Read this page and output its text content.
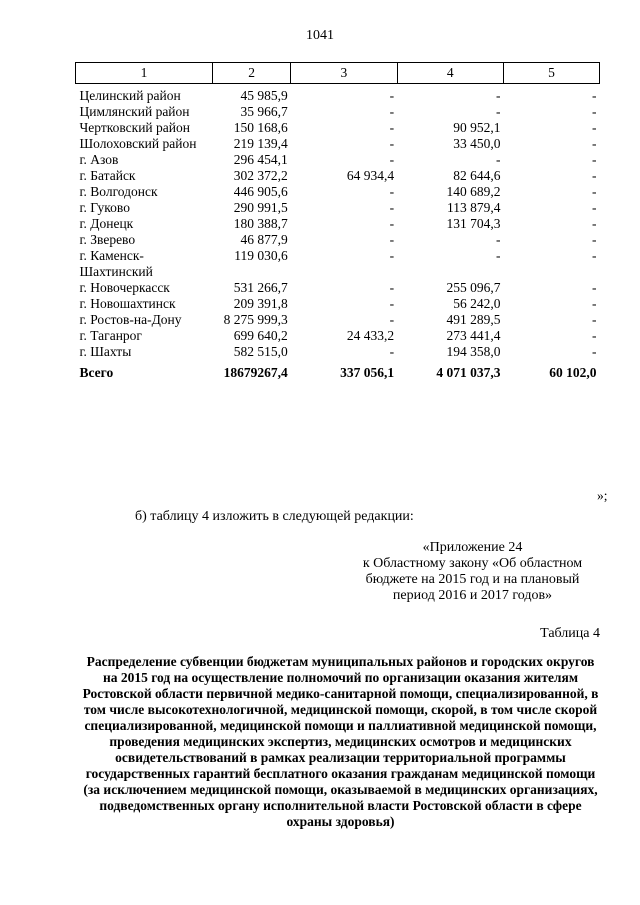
1041
1	2	3	4	5
Целинский район	45 985,9	-	-	-
Цимлянский район	35 966,7	-	-	-
Чертковский район	150 168,6	-	90 952,1	-
Шолоховский район	219 139,4	-	33 450,0	-
г. Азов	296 454,1	-	-	-
г. Батайск	302 372,2	64 934,4	82 644,6	-
г. Волгодонск	446 905,6	-	140 689,2	-
г. Гуково	290 991,5	-	113 879,4	-
г. Донецк	180 388,7	-	131 704,3	-
г. Зверево	46 877,9	-	-	-
г. Каменск-Шахтинский	119 030,6	-	-	-
г. Новочеркасск	531 266,7	-	255 096,7	-
г. Новошахтинск	209 391,8	-	56 242,0	-
г. Ростов-на-Дону	8 275 999,3	-	491 289,5	-
г. Таганрог	699 640,2	24 433,2	273 441,4	-
г. Шахты	582 515,0	-	194 358,0	-
Всего	18679267,4	337 056,1	4 071 037,3	60 102,0
»;
б) таблицу 4 изложить в следующей редакции:
«Приложение 24
к Областному закону «Об областном
бюджете на 2015 год и на плановый
период 2016 и 2017 годов»
Таблица 4
Распределение субвенции бюджетам муниципальных районов и городских округов на 2015 год на осуществление полномочий по организации оказания жителям Ростовской области первичной медико-санитарной помощи, специализированной, в том числе высокотехнологичной, медицинской помощи, скорой, в том числе скорой специализированной, медицинской помощи и паллиативной медицинской помощи, проведения медицинских экспертиз, медицинских осмотров и медицинских освидетельствований в рамках реализации территориальной программы государственных гарантий бесплатного оказания гражданам медицинской помощи (за исключением медицинской помощи, оказываемой в медицинских организациях, подведомственных органу исполнительной власти Ростовской области в сфере охраны здоровья)
